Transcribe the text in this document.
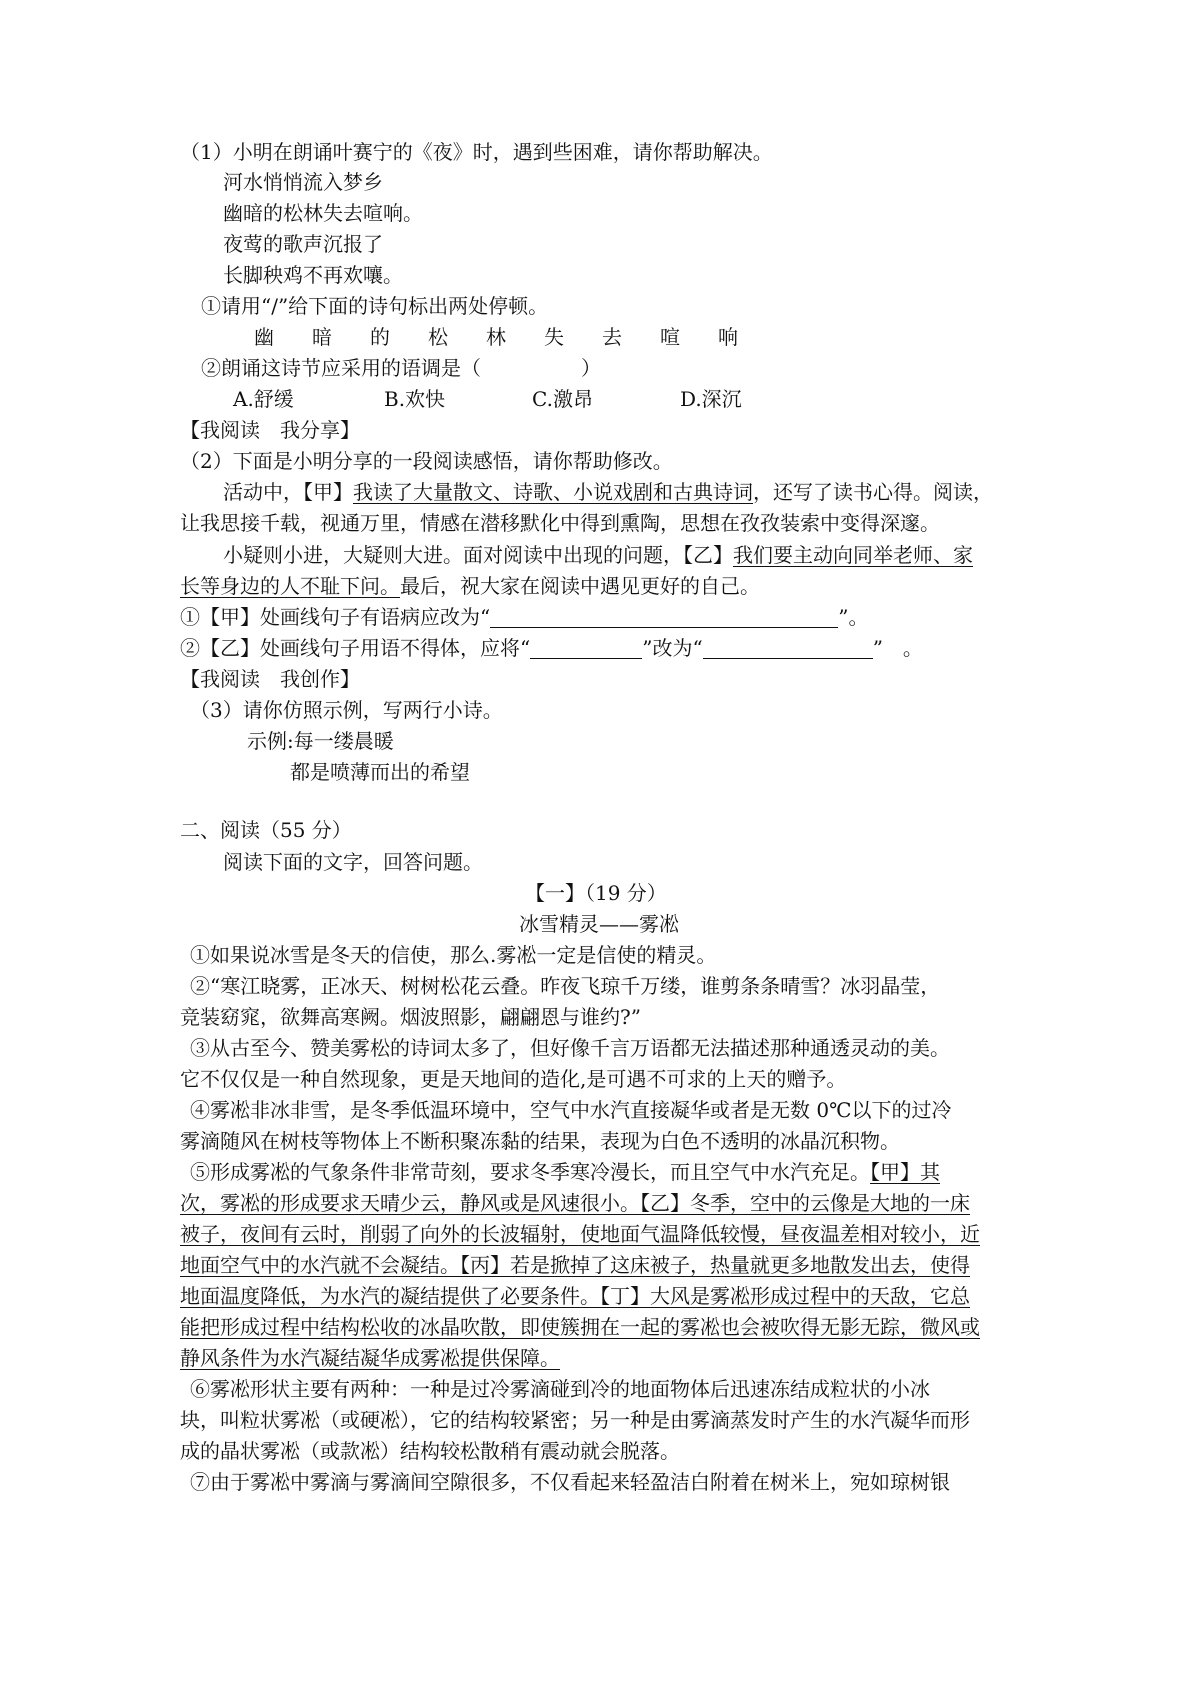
（1）小明在朗诵叶赛宁的《夜》时，遇到些困难，请你帮助解决。
河水悄悄流入梦乡
幽暗的松林失去喧响。
夜莺的歌声沉报了
长脚秧鸡不再欢嚷。
①请用“/”给下面的诗句标出两处停顿。
幽 暗 的 松 林 失 去 喧 响
②朗诵这诗节应采用的语调是（　　　　　）
A.舒缓	B.欢快	C.激昂	D.深沉
【我阅读　我分享】
（2）下面是小明分享的一段阅读感悟，请你帮助修改。
活动中，【甲】我读了大量散文、诗歌、小说戏剧和古典诗词，还写了读书心得。阅读，
让我思接千载，视通万里，情感在潜移默化中得到熏陶，思想在孜孜装索中变得深邃。
小疑则小进，大疑则大进。面对阅读中出现的问题，【乙】我们要主动向同举老师、家
长等身边的人不耻下问。最后，祝大家在阅读中遇见更好的自己。
①【甲】处画线句子有语病应改为“	”。
②【乙】处画线句子用语不得体，应将“	”改为“	”　。
【我阅读　我创作】
（3）请你仿照示例，写两行小诗。
示例:每一缕晨暖
都是喷薄而出的希望
二、阅读（55 分）
阅读下面的文字，回答问题。
【一】（19 分）
冰雪精灵——雾凇
①如果说冰雪是冬天的信使，那么.雾凇一定是信使的精灵。
②“寒江晓雾，正冰天、树树松花云叠。昨夜飞琼千万缕，谁剪条条晴雪？冰羽晶莹，
竞装窈窕，欲舞高寒阙。烟波照影，翩翩恩与谁约?”
③从古至今、赞美雾松的诗词太多了，但好像千言万语都无法描述那种通透灵动的美。
它不仅仅是一种自然现象，更是天地间的造化,是可遇不可求的上天的赠予。
④雾凇非冰非雪，是冬季低温环境中，空气中水汽直接凝华或者是无数 0℃以下的过冷
雾滴随风在树枝等物体上不断积聚冻黏的结果，表现为白色不透明的冰晶沉积物。
⑤形成雾凇的气象条件非常苛刻，要求冬季寒冷漫长，而且空气中水汽充足。【甲】其
次，雾凇的形成要求天晴少云，静风或是风速很小。【乙】冬季，空中的云像是大地的一床
被子，夜间有云时，削弱了向外的长波辐射，使地面气温降低较慢，昼夜温差相对较小，近
地面空气中的水汽就不会凝结。【丙】若是掀掉了这床被子，热量就更多地散发出去，使得
地面温度降低，为水汽的凝结提供了必要条件。【丁】大风是雾凇形成过程中的天敌，它总
能把形成过程中结构松收的冰晶吹散，即使簇拥在一起的雾凇也会被吹得无影无踪，微风或
静风条件为水汽凝结凝华成雾凇提供保障。
⑥雾凇形状主要有两种：一种是过冷雾滴碰到冷的地面物体后迅速冻结成粒状的小冰
块，叫粒状雾凇（或硬凇），它的结构较紧密；另一种是由雾滴蒸发时产生的水汽凝华而形
成的晶状雾凇（或款凇）结构较松散稍有震动就会脱落。
⑦由于雾凇中雾滴与雾滴间空隙很多，不仅看起来轻盈洁白附着在树米上，宛如琼树银
